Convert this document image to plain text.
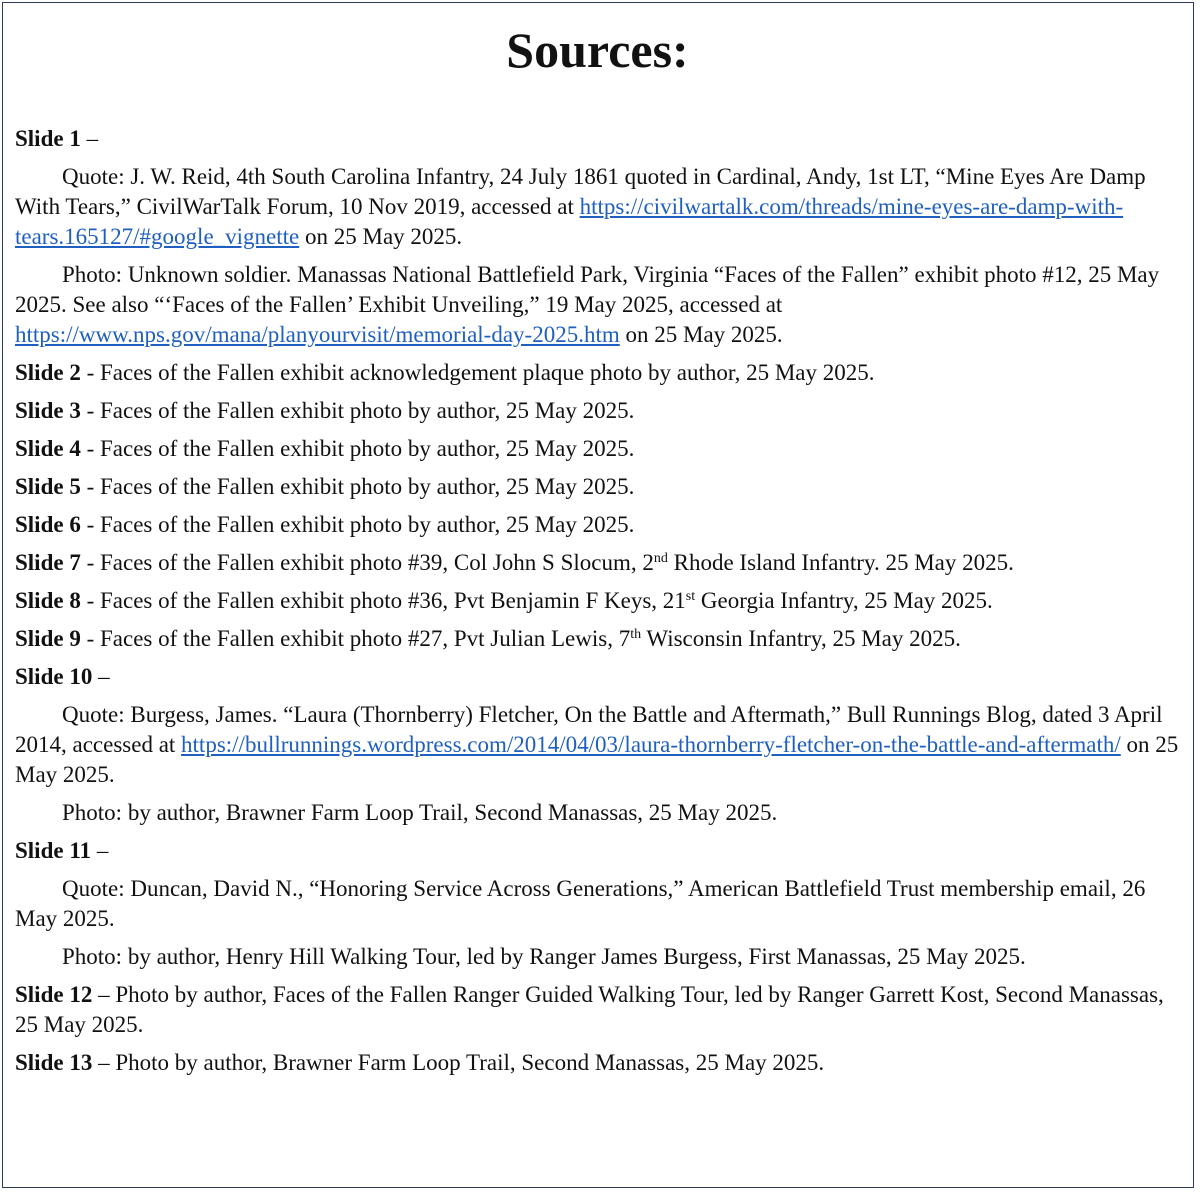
Sources:
Slide 1 –
Quote: J. W. Reid, 4th South Carolina Infantry, 24 July 1861 quoted in Cardinal, Andy, 1st LT, “Mine Eyes Are Damp With Tears,” CivilWarTalk Forum, 10 Nov 2019, accessed at https://civilwartalk.com/threads/mine-eyes-are-damp-with-tears.165127/#google_vignette on 25 May 2025.
Photo: Unknown soldier. Manassas National Battlefield Park, Virginia “Faces of the Fallen” exhibit photo #12, 25 May 2025. See also “‘Faces of the Fallen’ Exhibit Unveiling,” 19 May 2025, accessed at https://www.nps.gov/mana/planyourvisit/memorial-day-2025.htm on 25 May 2025.
Slide 2 - Faces of the Fallen exhibit acknowledgement plaque photo by author, 25 May 2025.
Slide 3 - Faces of the Fallen exhibit photo by author, 25 May 2025.
Slide 4 - Faces of the Fallen exhibit photo by author, 25 May 2025.
Slide 5 - Faces of the Fallen exhibit photo by author, 25 May 2025.
Slide 6 - Faces of the Fallen exhibit photo by author, 25 May 2025.
Slide 7 - Faces of the Fallen exhibit photo #39, Col John S Slocum, 2nd Rhode Island Infantry. 25 May 2025.
Slide 8 - Faces of the Fallen exhibit photo #36, Pvt Benjamin F Keys, 21st Georgia Infantry, 25 May 2025.
Slide 9 - Faces of the Fallen exhibit photo #27, Pvt Julian Lewis, 7th Wisconsin Infantry, 25 May 2025.
Slide 10 –
Quote: Burgess, James. “Laura (Thornberry) Fletcher, On the Battle and Aftermath,” Bull Runnings Blog, dated 3 April 2014, accessed at https://bullrunnings.wordpress.com/2014/04/03/laura-thornberry-fletcher-on-the-battle-and-aftermath/ on 25 May 2025.
Photo: by author, Brawner Farm Loop Trail, Second Manassas, 25 May 2025.
Slide 11 –
Quote: Duncan, David N., “Honoring Service Across Generations,” American Battlefield Trust membership email, 26 May 2025.
Photo: by author, Henry Hill Walking Tour, led by Ranger James Burgess, First Manassas, 25 May 2025.
Slide 12 – Photo by author, Faces of the Fallen Ranger Guided Walking Tour, led by Ranger Garrett Kost, Second Manassas, 25 May 2025.
Slide 13 – Photo by author, Brawner Farm Loop Trail, Second Manassas, 25 May 2025.
